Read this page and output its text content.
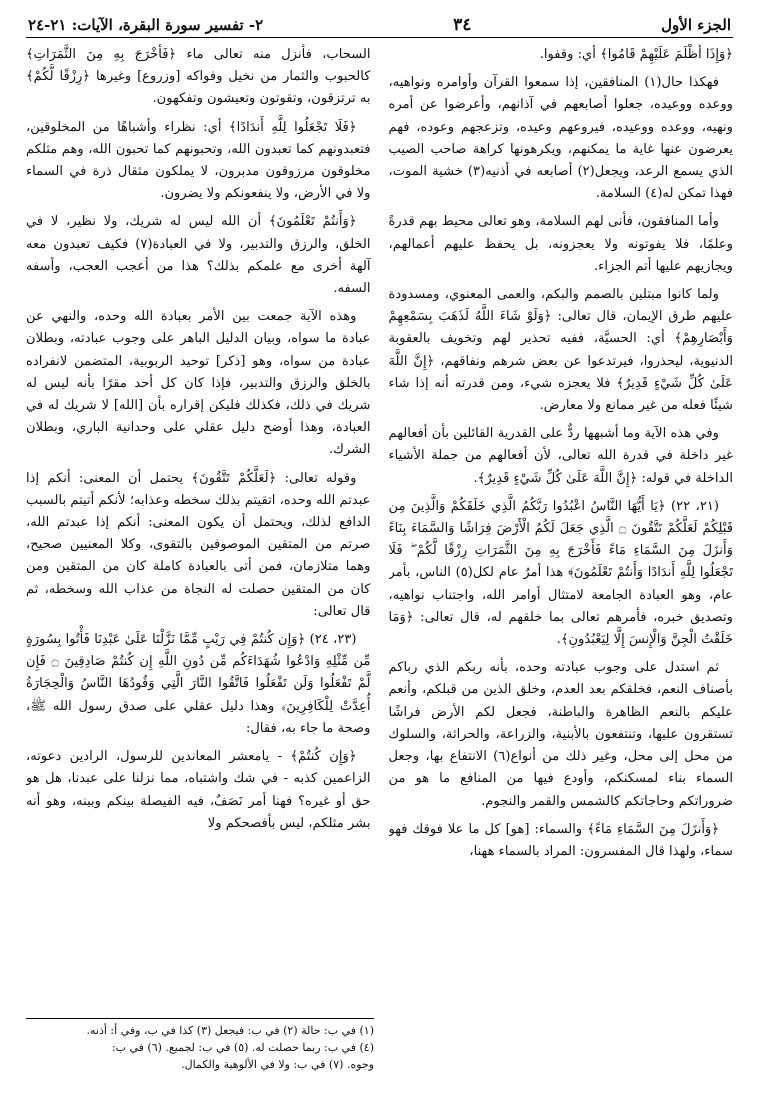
الجزء الأول
٣٤
٢- تفسير سورة البقرة، الآيات: ٢١-٢٤

﴿وَإِذَا أَظْلَمَ عَلَيْهِمْ قَامُوا﴾ أي: وقفوا.

فهكذا حال(١) المنافقين، إذا سمعوا القرآن وأوامره ونواهيه، ووعده ووعيده، جعلوا أصابعهم في آذانهم، وأعرضوا عن أمره ونهيه، ووعده ووعيده، فيروعهم وعيده، وتزعجهم وعوده، فهم يعرضون عنها غاية ما يمكنهم، ويكرهونها كراهة صاحب الصيب الذي يسمع الرعد، ويجعل(٢) أصابعه في أذنيه(٣) خشية الموت، فهذا تمكن له(٤) السلامة.

وأما المنافقون، فأنى لهم السلامة، وهو تعالى محيط بهم قدرةً وعلمًا، فلا يفوتونه ولا يعجزونه، بل يحفظ عليهم أعمالهم، ويجازيهم عليها أتم الجزاء.

ولما كانوا مبتلين بالصمم والبكم، والعمى المعنوي، ومسدودة عليهم طرق الإيمان، قال تعالى: ﴿وَلَوْ شَاءَ اللَّهُ لَذَهَبَ بِسَمْعِهِمْ وَأَبْصَارِهِمْ﴾ أي: الحسيَّة، ففيه تحذير لهم وتخويف بالعقوبة الدنيوية، ليحذروا، فيرتدعوا عن بعض شرهم ونفاقهم، ﴿إِنَّ اللَّهَ عَلَىٰ كُلِّ شَيْءٍ قَدِيرٌ﴾ فلا يعجزه شيء، ومن قدرته أنه إذا شاء شيئًا فعله من غير ممانع ولا معارض.

وفي هذه الآية وما أشبهها ردٌّ على القدرية القائلين بأن أفعالهم غير داخلة في قدرة الله تعالى، لأن أفعالهم من جملة الأشياء الداخلة في قوله: ﴿إِنَّ اللَّهَ عَلَىٰ كُلِّ شَيْءٍ قَدِيرٌ﴾.

(٢١، ٢٢) ﴿يَا أَيُّهَا النَّاسُ اعْبُدُوا رَبَّكُمُ الَّذِي خَلَقَكُمْ وَالَّذِينَ مِن قَبْلِكُمْ لَعَلَّكُمْ تَتَّقُونَ ۝ الَّذِي جَعَلَ لَكُمُ الْأَرْضَ فِرَاشًا وَالسَّمَاءَ بِنَاءً وَأَنزَلَ مِنَ السَّمَاءِ مَاءً فَأَخْرَجَ بِهِ مِنَ الثَّمَرَاتِ رِزْقًا لَّكُمْ ۖ فَلَا تَجْعَلُوا لِلَّهِ أَندَادًا وَأَنتُمْ تَعْلَمُونَ﴾ هذا أمرٌ عام لكل(٥) الناس، بأمر عام، وهو العبادة الجامعة لامتثال أوامر الله، واجتناب نواهيه، وتصديق خبره، فأمرهم تعالى بما خلقهم له، قال تعالى: ﴿وَمَا خَلَقْتُ الْجِنَّ وَالْإِنسَ إِلَّا لِيَعْبُدُونِ﴾.

ثم استدل على وجوب عبادته وحده، بأنه ربكم الذي رباكم بأصناف النعم، فخلقكم بعد العدم، وخلق الذين من قبلكم، وأنعم عليكم بالنعم الظاهرة والباطنة، فجعل لكم الأرض فراشًا تستقرون عليها، وتنتفعون بالأبنية، والزراعة، والحراثة، والسلوك من محل إلى محل، وغير ذلك من أنواع(٦) الانتفاع بها، وجعل السماء بناء لمسكنكم، وأودع فيها من المنافع ما هو من ضروراتكم وحاجاتكم كالشمس والقمر والنجوم.

﴿وَأَنزَلَ مِنَ السَّمَاءِ مَاءً﴾ والسماء: [هو] كل ما علا فوقك فهو سماء، ولهذا قال المفسرون: المراد بالسماء ههنا،

السحاب، فأنزل منه تعالى ماء ﴿فَأَخْرَجَ بِهِ مِنَ الثَّمَرَاتِ﴾ كالحبوب والثمار من نخيل وفواكه [وزروع] وغيرها ﴿رِزْقًا لَّكُمْ﴾ به ترتزقون، وتقوتون وتعيشون وتفكهون.

﴿فَلَا تَجْعَلُوا لِلَّهِ أَندَادًا﴾ أي: نظراء وأشباهًا من المخلوقين، فتعبدونهم كما تعبدون الله، وتحبونهم كما تحبون الله، وهم مثلكم مخلوقون مرزوقون مدبرون، لا يملكون مثقال ذرة في السماء ولا في الأرض، ولا ينفعونكم ولا يضرون.

﴿وَأَنتُمْ تَعْلَمُونَ﴾ أن الله ليس له شريك، ولا نظير، لا في الخلق، والرزق والتدبير، ولا في العبادة(٧) فكيف تعبدون معه آلهة أخرى مع علمكم بذلك؟ هذا من أعجب العجب، وأسفه السفه.

وهذه الآية جمعت بين الأمر بعبادة الله وحده، والنهي عن عبادة ما سواه، وبيان الدليل الباهر على وجوب عبادته، وبطلان عبادة من سواه، وهو [ذكر] توحيد الربوبية، المتضمن لانفراده بالخلق والرزق والتدبير، فإذا كان كل أحد مقرًا بأنه ليس له شريك في ذلك، فكذلك فليكن إقراره بأن [الله] لا شريك له في العبادة، وهذا أوضح دليل عقلي على وحدانية الباري، وبطلان الشرك.

وقوله تعالى: ﴿لَعَلَّكُمْ تَتَّقُونَ﴾ يحتمل أن المعنى: أنكم إذا عبدتم الله وحده، اتقيتم بذلك سخطه وعذابه؛ لأنكم أتيتم بالسبب الدافع لذلك، ويحتمل أن يكون المعنى: أنكم إذا عبدتم الله، صرتم من المتقين الموصوفين بالتقوى، وكلا المعنيين صحيح، وهما متلازمان، فمن أتى بالعبادة كاملة كان من المتقين ومن كان من المتقين حصلت له النجاة من عذاب الله وسخطه، ثم قال تعالى:

(٢٣، ٢٤) ﴿وَإِن كُنتُمْ فِي رَيْبٍ مِّمَّا نَزَّلْنَا عَلَىٰ عَبْدِنَا فَأْتُوا بِسُورَةٍ مِّن مِّثْلِهِ وَادْعُوا شُهَدَاءَكُم مِّن دُونِ اللَّهِ إِن كُنتُمْ صَادِقِينَ ۝ فَإِن لَّمْ تَفْعَلُوا وَلَن تَفْعَلُوا فَاتَّقُوا النَّارَ الَّتِي وَقُودُهَا النَّاسُ وَالْحِجَارَةُ أُعِدَّتْ لِلْكَافِرِينَ﴾ وهذا دليل عقلي على صدق رسول الله ﷺ، وصحة ما جاء به، فقال:

﴿وَإِن كُنتُمْ﴾ - يامعشر المعاندين للرسول، الرادين دعوته، الزاعمين كذبه - في شك واشتباه، مما نزلنا على عبدنا، هل هو حق أو غيره؟ فهنا أمر نَصَفٌ، فيه الفيصلة بينكم وبينه، وهو أنه بشر مثلكم، ليس بأفصحكم ولا

(١) في ب: حالة (٢) في ب: فيجعل (٣) كذا في ب، وفي أ: أذنه.
(٤) في ب: ربما حصلت له. (٥) في ب: لجميع. (٦) في ب:
وجوه. (٧) في ب: ولا في الألوهية والكمال.
